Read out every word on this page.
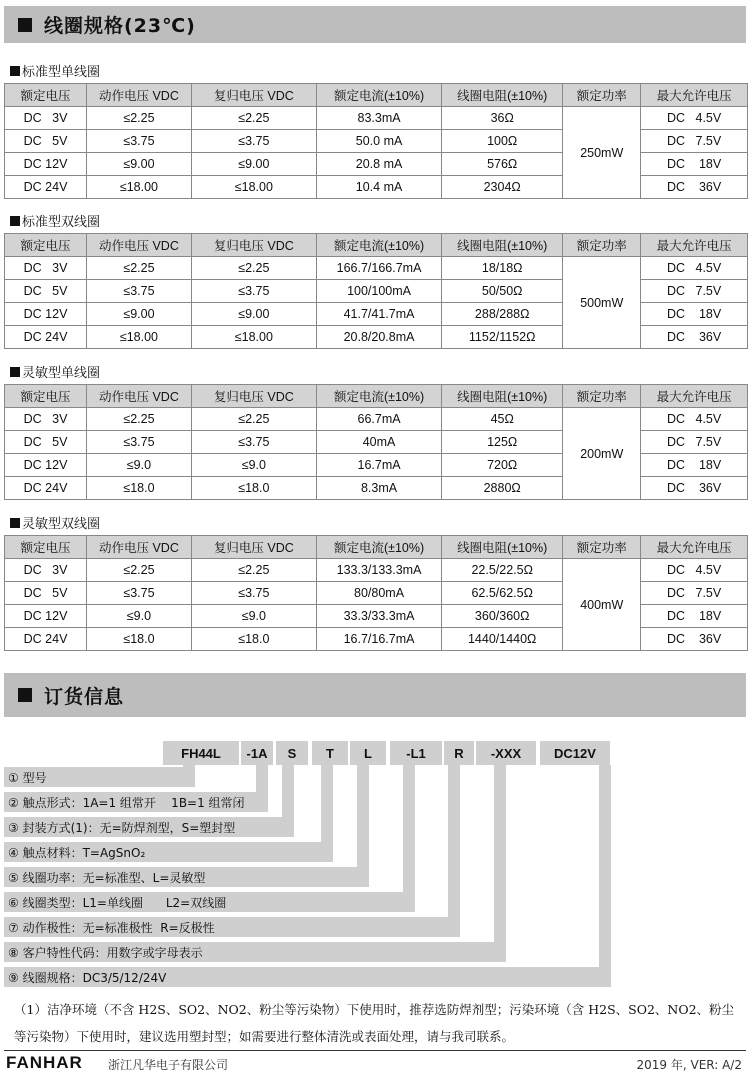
线圈规格(23℃)
标准型单线圈
额定电压	动作电压 VDC	复归电压 VDC	额定电流(±10%)	线圈电阻(±10%)	额定功率	最大允许电压
DC   3V	≤2.25	≤2.25	83.3mA	36Ω	250mW	DC   4.5V
DC   5V	≤3.75	≤3.75	50.0 mA	100Ω		DC   7.5V
DC 12V	≤9.00	≤9.00	20.8 mA	576Ω		DC    18V
DC 24V	≤18.00	≤18.00	10.4 mA	2304Ω		DC    36V
标准型双线圈
额定电压	动作电压 VDC	复归电压 VDC	额定电流(±10%)	线圈电阻(±10%)	额定功率	最大允许电压
DC   3V	≤2.25	≤2.25	166.7/166.7mA	18/18Ω	500mW	DC   4.5V
DC   5V	≤3.75	≤3.75	100/100mA	50/50Ω		DC   7.5V
DC 12V	≤9.00	≤9.00	41.7/41.7mA	288/288Ω		DC    18V
DC 24V	≤18.00	≤18.00	20.8/20.8mA	1152/1152Ω		DC    36V
灵敏型单线圈
额定电压	动作电压 VDC	复归电压 VDC	额定电流(±10%)	线圈电阻(±10%)	额定功率	最大允许电压
DC   3V	≤2.25	≤2.25	66.7mA	45Ω	200mW	DC   4.5V
DC   5V	≤3.75	≤3.75	40mA	125Ω		DC   7.5V
DC 12V	≤9.0	≤9.0	16.7mA	720Ω		DC    18V
DC 24V	≤18.0	≤18.0	8.3mA	2880Ω		DC    36V
灵敏型双线圈
额定电压	动作电压 VDC	复归电压 VDC	额定电流(±10%)	线圈电阻(±10%)	额定功率	最大允许电压
DC   3V	≤2.25	≤2.25	133.3/133.3mA	22.5/22.5Ω	400mW	DC   4.5V
DC   5V	≤3.75	≤3.75	80/80mA	62.5/62.5Ω		DC   7.5V
DC 12V	≤9.0	≤9.0	33.3/33.3mA	360/360Ω		DC    18V
DC 24V	≤18.0	≤18.0	16.7/16.7mA	1440/1440Ω		DC    36V
订货信息
FH44L	-1A	S	T	L	-L1	R	-XXX	DC12V
① 型号
② 触点形式：1A=1 组常开    1B=1 组常闭
③ 封装方式(1)：无=防焊剂型，S=塑封型
④ 触点材料：T=AgSnO₂
⑤ 线圈功率：无=标准型、L=灵敏型
⑥ 线圈类型：L1=单线圈      L2=双线圈
⑦ 动作极性：无=标准极性  R=反极性
⑧ 客户特性代码：用数字或字母表示
⑨ 线圈规格：DC3/5/12/24V
（1）洁净环境（不含 H2S、SO2、NO2、粉尘等污染物）下使用时，推荐选防焊剂型；污染环境（含 H2S、SO2、NO2、粉尘等污染物）下使用时，建议选用塑封型；如需要进行整体清洗或表面处理，请与我司联系。
FANHAR 浙江凡华电子有限公司	2019 年, VER: A/2
